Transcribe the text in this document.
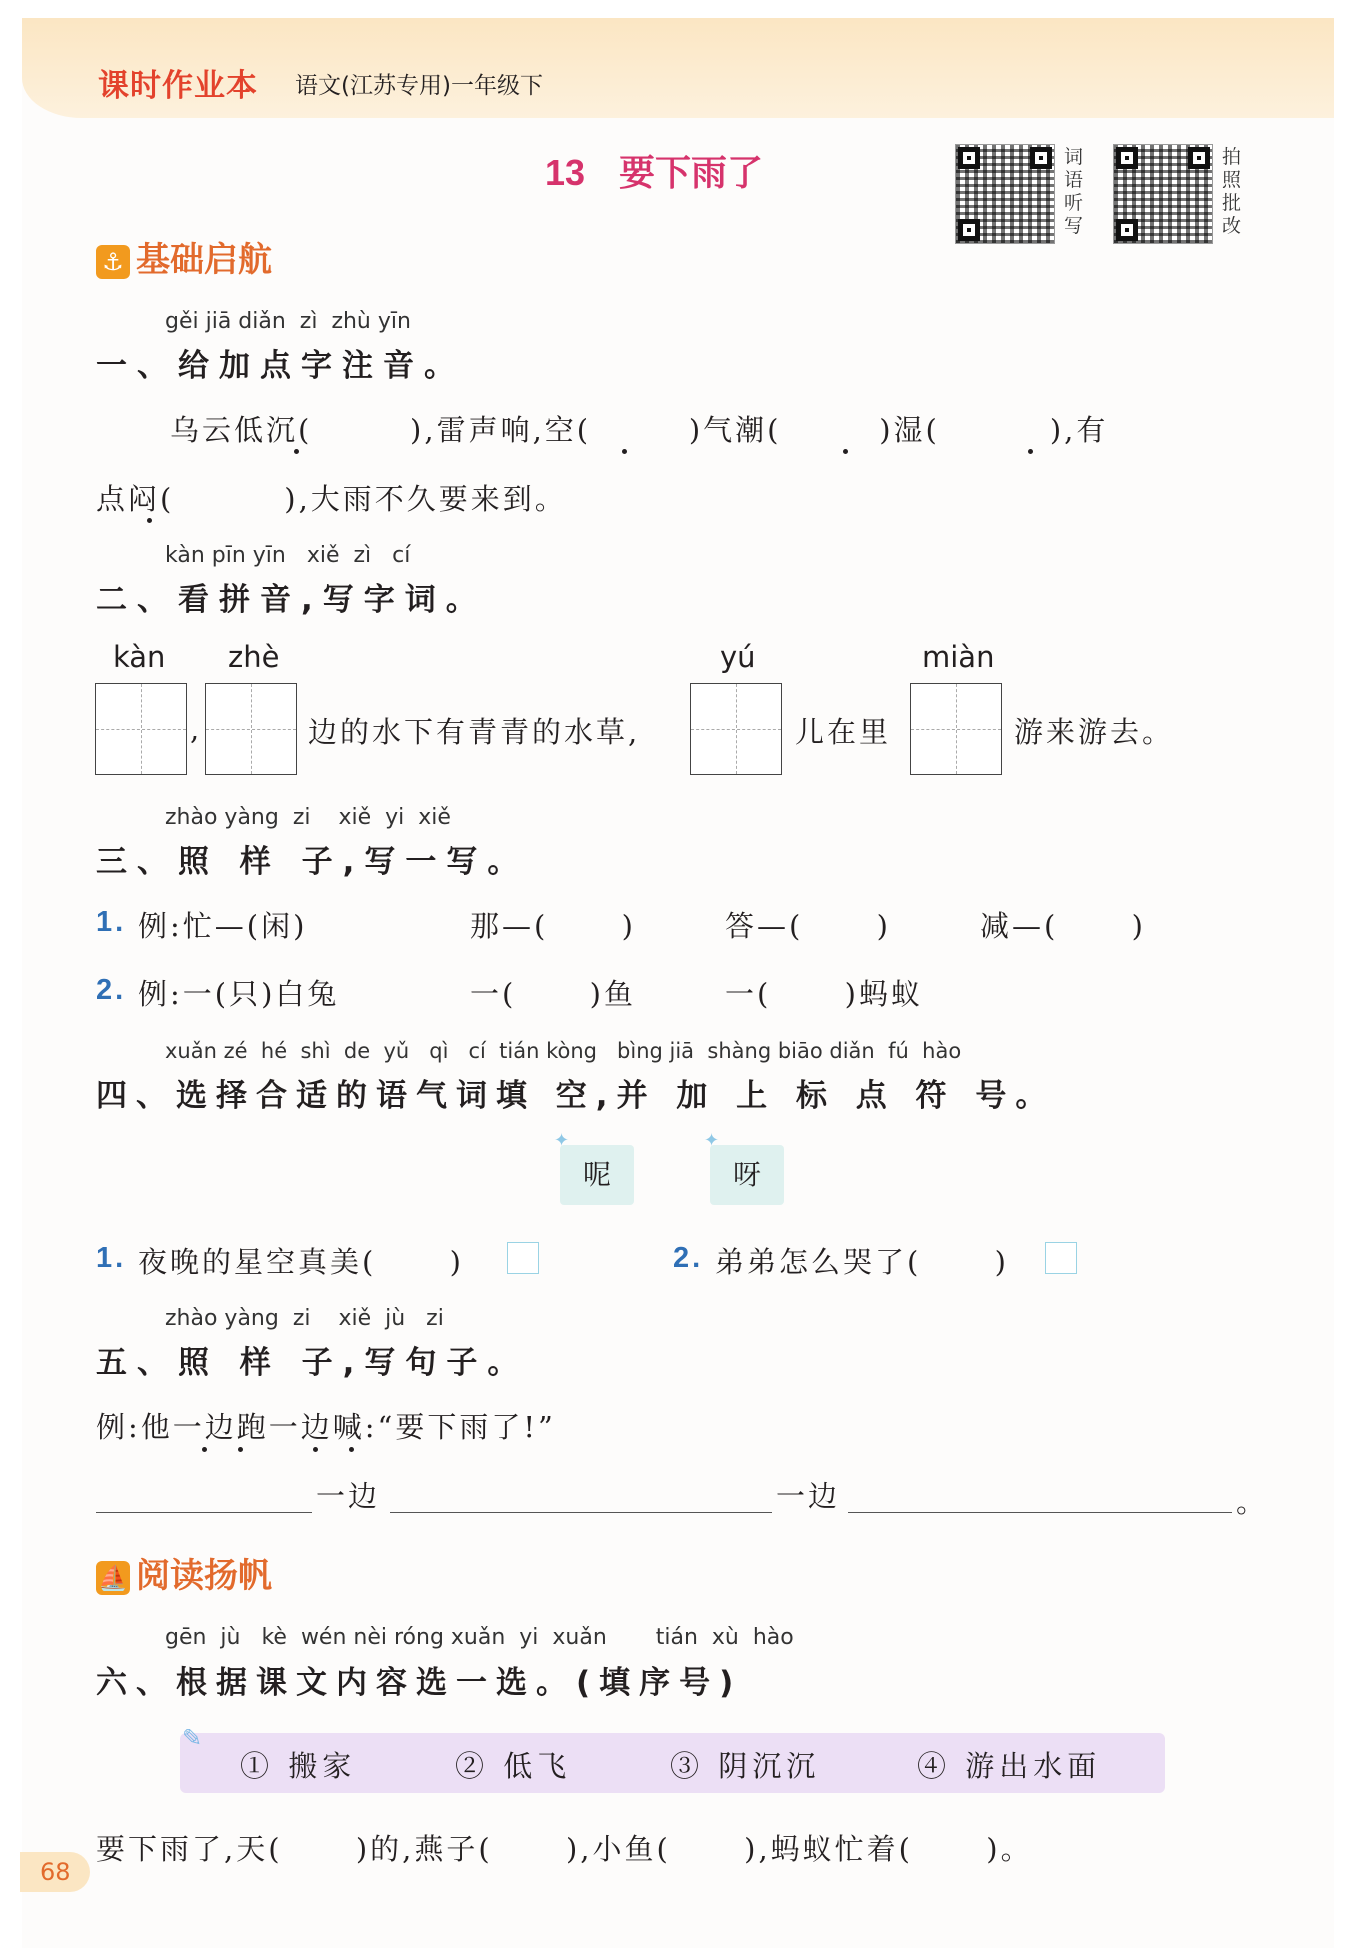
课时作业本 语文(江苏专用)一年级下
13 要下雨了	词
语
听
写
拍
照
批
改
⚓ 基础启航
gěi jiā diǎn  zì  zhù yīn
一、给加点字注音。
乌云低沉(        ),雷声响,空(        )气潮(        )湿(         ),有
点闷(         ),大雨不久要来到。
kàn pīn yīn   xiě  zì   cí
二、看拼音,写字词。
kàn zhè	yú	miàn
,	边的水下有青青的水草,	儿在里	游来游去。
zhào yàng  zi    xiě  yi  xiě
三、照 样 子,写一写。
1. 例:忙—(闲)	那—(      )	答—(      )	减—(      )
2. 例:一(只)白兔	一(      )鱼	一(      )蚂蚁
xuǎn zé  hé  shì  de  yǔ   qì   cí  tián kòng   bìng jiā  shàng biāo diǎn  fú  hào
四、选择合适的语气词填 空,并 加 上 标 点 符 号。
✦ 呢
✦	呀
1. 夜晚的星空真美(      )	2. 弟弟怎么哭了(      )
zhào yàng  zi    xiě  jù   zi
五、照 样 子,写句子。
例:他一边跑一边喊:“要下雨了!”
一边	一边	。
⛵ 阅读扬帆
gēn  jù   kè  wén nèi róng xuǎn  yi  xuǎn       tián  xù  hào
六、根据课文内容选一选。(填序号)
✎
① 搬家	② 低飞	③ 阴沉沉	④ 游出水面
要下雨了,天(      )的,燕子(      ),小鱼(      ),蚂蚁忙着(      )。
68
